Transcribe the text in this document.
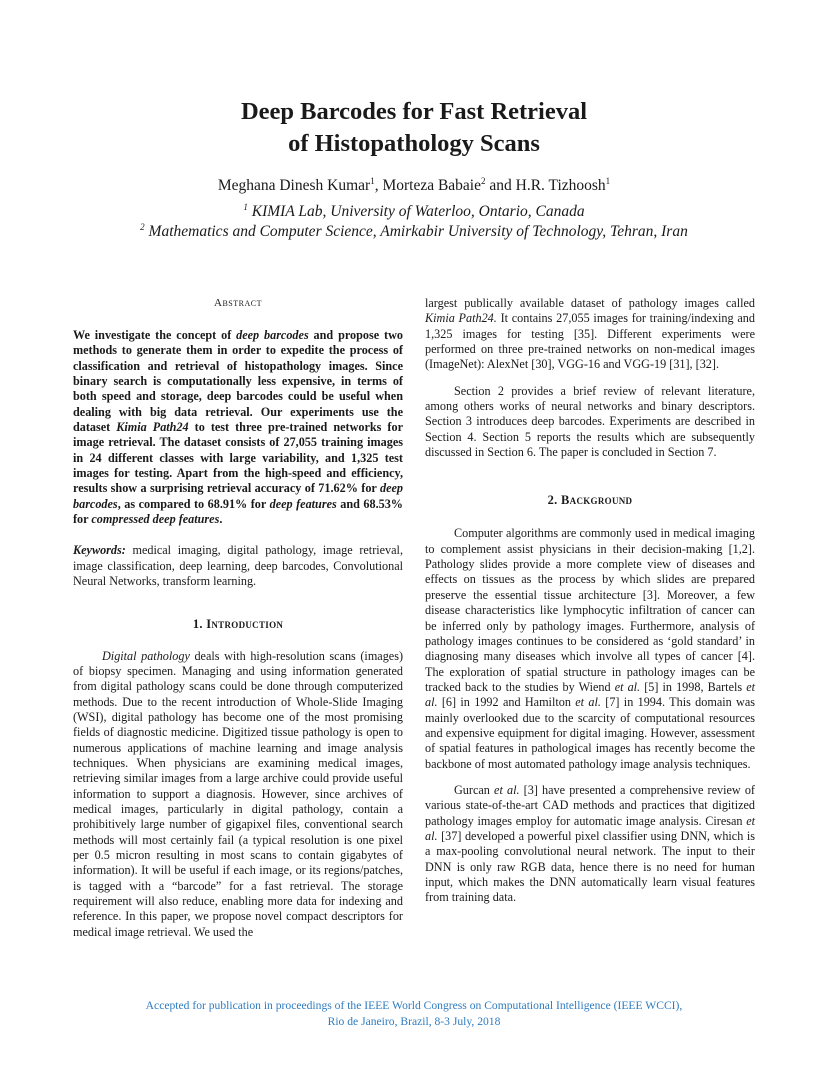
Deep Barcodes for Fast Retrieval
of Histopathology Scans
Meghana Dinesh Kumar$^1$, Morteza Babaie$^2$ and H.R. Tizhoosh$^1$
$^1$ KIMIA Lab, University of Waterloo, Ontario, Canada
$^2$ Mathematics and Computer Science, Amirkabir University of Technology, Tehran, Iran

Abstract

We investigate the concept of deep barcodes and propose two methods to generate them in order to expedite the process of classification and retrieval of histopathology images. Since binary search is computationally less expensive, in terms of both speed and storage, deep barcodes could be useful when dealing with big data retrieval. Our experiments use the dataset Kimia Path24 to test three pre-trained networks for image retrieval. The dataset consists of 27,055 training images in 24 different classes with large variability, and 1,325 test images for testing. Apart from the high-speed and efficiency, results show a surprising retrieval accuracy of 71.62% for deep barcodes, as compared to 68.91% for deep features and 68.53% for compressed deep features.

Keywords: medical imaging, digital pathology, image retrieval, image classification, deep learning, deep barcodes, Convolutional Neural Networks, transform learning.

1. Introduction

Digital pathology deals with high-resolution scans (images) of biopsy specimen. Managing and using information generated from digital pathology scans could be done through computerized methods. Due to the recent introduction of Whole-Slide Imaging (WSI), digital pathology has become one of the most promising fields of diagnostic medicine. Digitized tissue pathology is open to numerous applications of machine learning and image analysis techniques. When physicians are examining medical images, retrieving similar images from a large archive could provide useful information to support a diagnosis. However, since archives of medical images, particularly in digital pathology, contain a prohibitively large number of gigapixel files, conventional search methods will most certainly fail (a typical resolution is one pixel per 0.5 micron resulting in most scans to contain gigabytes of information). It will be useful if each image, or its regions/patches, is tagged with a “barcode” for a fast retrieval. The storage requirement will also reduce, enabling more data for indexing and reference. In this paper, we propose novel compact descriptors for medical image retrieval. We used the

largest publically available dataset of pathology images called Kimia Path24. It contains 27,055 images for training/indexing and 1,325 images for testing [35]. Different experiments were performed on three pre-trained networks on non-medical images (ImageNet): AlexNet [30], VGG-16 and VGG-19 [31], [32].

Section 2 provides a brief review of relevant literature, among others works of neural networks and binary descriptors. Section 3 introduces deep barcodes. Experiments are described in Section 4. Section 5 reports the results which are subsequently discussed in Section 6. The paper is concluded in Section 7.

2. Background

Computer algorithms are commonly used in medical imaging to complement assist physicians in their decision-making [1,2]. Pathology slides provide a more complete view of diseases and effects on tissues as the process by which slides are prepared preserve the essential tissue architecture [3]. Moreover, a few disease characteristics like lymphocytic infiltration of cancer can be inferred only by pathology images. Furthermore, analysis of pathology images continues to be considered as ‘gold standard’ in diagnosing many diseases which involve all types of cancer [4]. The exploration of spatial structure in pathology images can be tracked back to the studies by Wiend et al. [5] in 1998, Bartels et al. [6] in 1992 and Hamilton et al. [7] in 1994. This domain was mainly overlooked due to the scarcity of computational resources and expensive equipment for digital imaging. However, assessment of spatial features in pathological images has recently become the backbone of most automated pathology image analysis techniques.

Gurcan et al. [3] have presented a comprehensive review of various state-of-the-art CAD methods and practices that digitized pathology images employ for automatic image analysis. Ciresan et al. [37] developed a powerful pixel classifier using DNN, which is a max-pooling convolutional neural network. The input to their DNN is only raw RGB data, hence there is no need for human input, which makes the DNN automatically learn visual features from training data.

Accepted for publication in proceedings of the IEEE World Congress on Computational Intelligence (IEEE WCCI),
Rio de Janeiro, Brazil, 8-3 July, 2018
